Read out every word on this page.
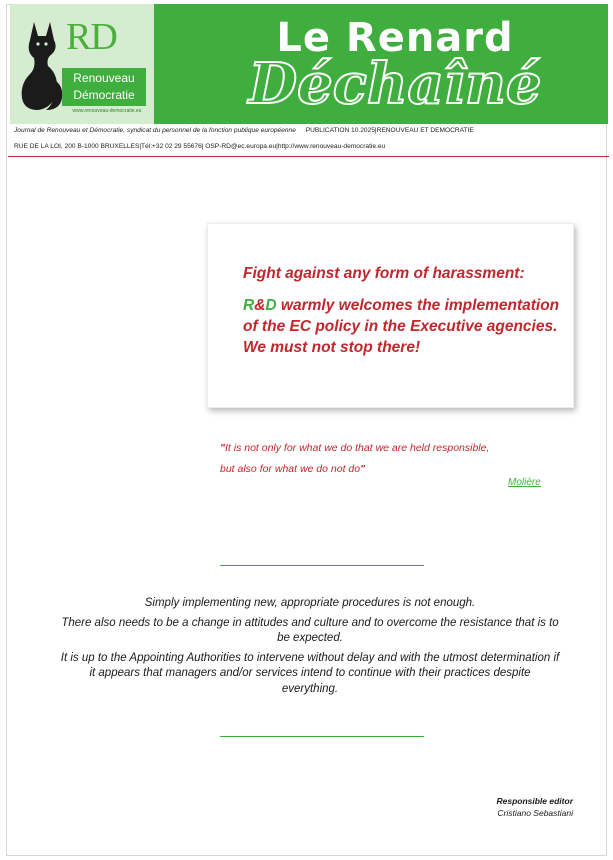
Le Renard
Déchaîné
RD
Renouveau
Démocratie
www.renouveau-democratie.eu
Journal de Renouveau et Démocratie, syndicat du personnel de la fonction publique européenne PUBLICATION 10.2025|RENOUVEAU ET DEMOCRATIE
RUE DE LA LOI, 200 B-1000 BRUXELLES|Tél:+32 02 29 55676| OSP-RD@ec.europa.eu|http://www.renouveau-democratie.eu
Fight against any form of harassment:
R&D warmly welcomes the implementation of the EC policy in the Executive agencies. We must not stop there!
"It is not only for what we do that we are held responsible,
but also for what we do not do"
Molière

Simply implementing new, appropriate procedures is not enough.

There also needs to be a change in attitudes and culture and to overcome the resistance that is to be expected.

It is up to the Appointing Authorities to intervene without delay and with the utmost determination if it appears that managers and/or services intend to continue with their practices despite everything.

Responsible editor
Cristiano Sebastiani
